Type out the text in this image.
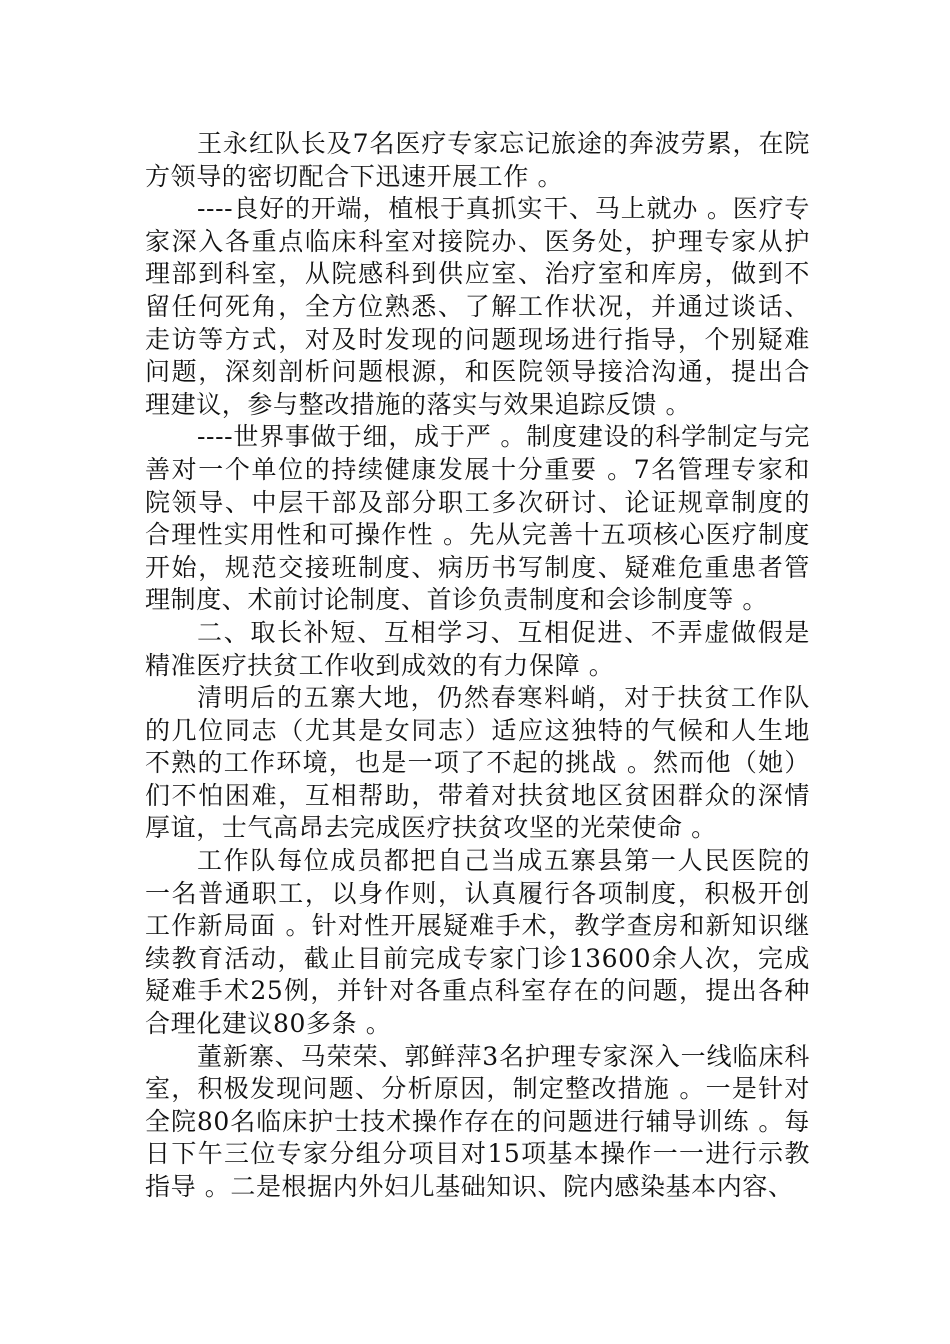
王永红队长及7名医疗专家忘记旅途的奔波劳累，在院方领导的密切配合下迅速开展工作 。

----良好的开端，植根于真抓实干、马上就办 。医疗专家深入各重点临床科室对接院办、医务处，护理专家从护理部到科室，从院感科到供应室、治疗室和库房，做到不留任何死角，全方位熟悉、了解工作状况，并通过谈话、走访等方式，对及时发现的问题现场进行指导，个别疑难问题，深刻剖析问题根源，和医院领导接洽沟通，提出合理建议，参与整改措施的落实与效果追踪反馈 。

----世界事做于细，成于严 。制度建设的科学制定与完善对一个单位的持续健康发展十分重要 。7名管理专家和院领导、中层干部及部分职工多次研讨、论证规章制度的合理性实用性和可操作性 。先从完善十五项核心医疗制度开始，规范交接班制度、病历书写制度、疑难危重患者管理制度、术前讨论制度、首诊负责制度和会诊制度等 。

二、取长补短、互相学习、互相促进、不弄虚做假是精准医疗扶贫工作收到成效的有力保障 。

清明后的五寨大地，仍然春寒料峭，对于扶贫工作队的几位同志（尤其是女同志）适应这独特的气候和人生地不熟的工作环境，也是一项了不起的挑战 。然而他（她）们不怕困难，互相帮助，带着对扶贫地区贫困群众的深情厚谊，士气高昂去完成医疗扶贫攻坚的光荣使命 。

工作队每位成员都把自己当成五寨县第一人民医院的一名普通职工，以身作则，认真履行各项制度，积极开创工作新局面 。针对性开展疑难手术，教学查房和新知识继续教育活动，截止目前完成专家门诊13600余人次，完成疑难手术25例，并针对各重点科室存在的问题，提出各种合理化建议80多条 。

董新寨、马荣荣、郭鲜萍3名护理专家深入一线临床科室，积极发现问题、分析原因，制定整改措施 。一是针对全院80名临床护士技术操作存在的问题进行辅导训练 。每日下午三位专家分组分项目对15项基本操作一一进行示教指导 。二是根据内外妇儿基础知识、院内感染基本内容、
